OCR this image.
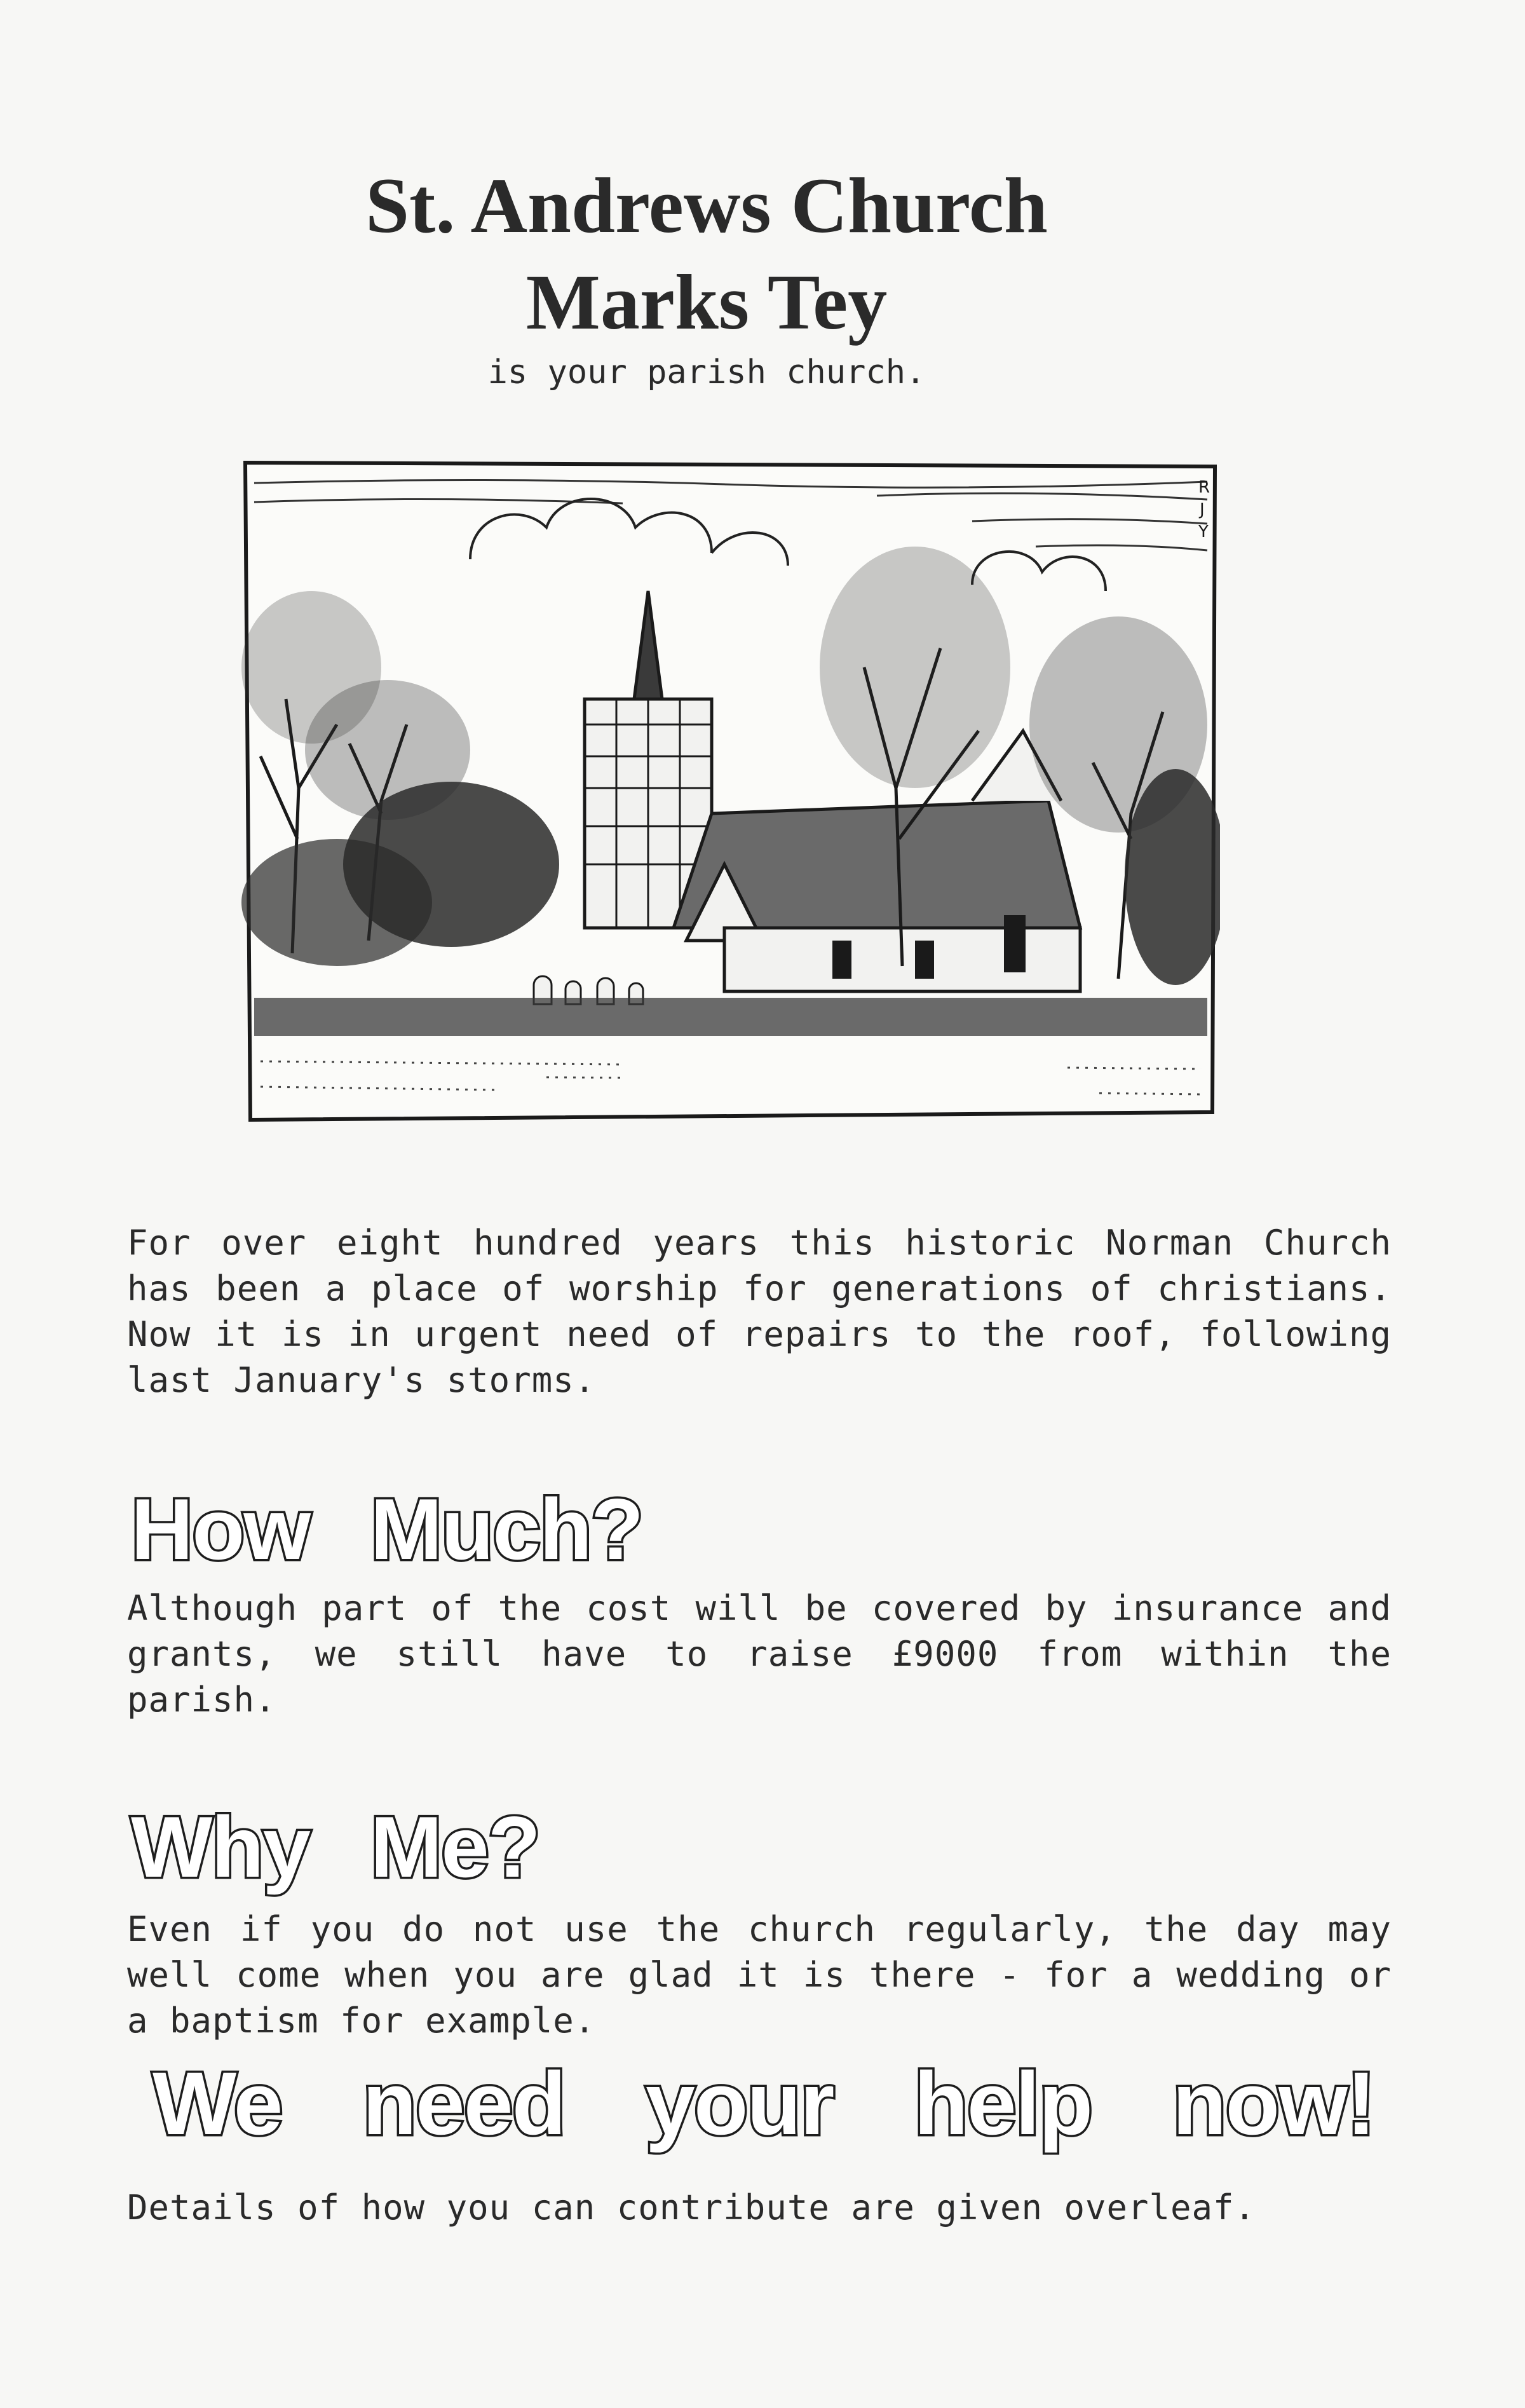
St. Andrews Church
Marks Tey
is your parish church.
R
J
Y

For over eight hundred years this historic Norman Church has been a place of worship for generations of christians. Now it is in urgent need of repairs to the roof, following last January's storms.

How Much?

Although part of the cost will be covered by insurance and grants, we still have to raise £9000 from within the parish.

Why Me?

Even if you do not use the church regularly, the day may well come when you are glad it is there - for a wedding or a baptism for example.

We need your help now!

Details of how you can contribute are given overleaf.
